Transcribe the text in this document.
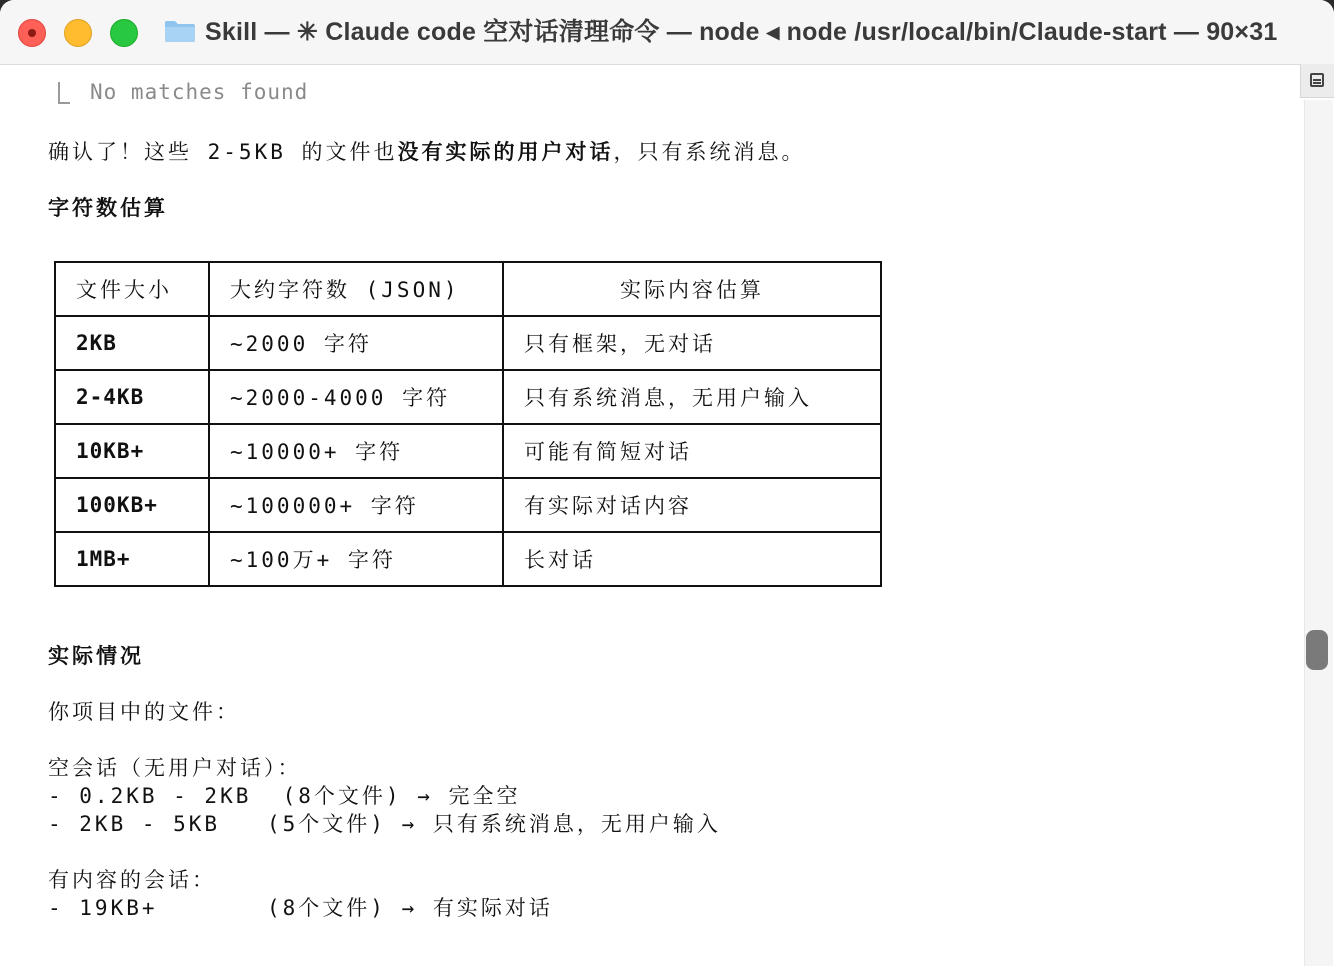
Skill — ✳ Claude code 空对话清理命令 — node ◂ node /usr/local/bin/Claude-start — 90×31
No matches found
确认了！这些 2-5KB 的文件也没有实际的用户对话，只有系统消息。
字符数估算
文件大小	大约字符数 (JSON)	实际内容估算
2KB	~2000 字符	只有框架，无对话
2-4KB	~2000-4000 字符	只有系统消息，无用户输入
10KB+	~10000+ 字符	可能有简短对话
100KB+	~100000+ 字符	有实际对话内容
1MB+	~100万+ 字符	长对话
实际情况
你项目中的文件：
空会话（无用户对话）：
- 0.2KB - 2KB  (8个文件) → 完全空
- 2KB - 5KB   (5个文件) → 只有系统消息，无用户输入
有内容的会话：
- 19KB+       (8个文件) → 有实际对话
